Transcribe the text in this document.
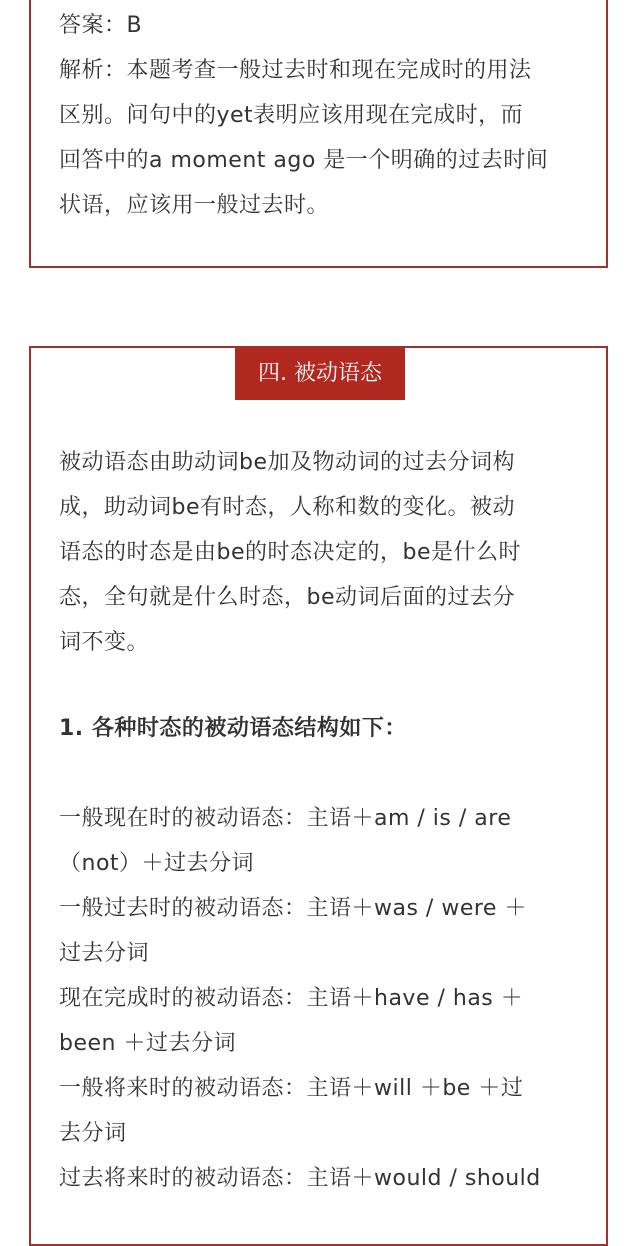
答案：B
解析：本题考查一般过去时和现在完成时的用法
区别。问句中的yet表明应该用现在完成时，而
回答中的a moment ago 是一个明确的过去时间
状语，应该用一般过去时。
四. 被动语态
被动语态由助动词be加及物动词的过去分词构
成，助动词be有时态，人称和数的变化。被动
语态的时态是由be的时态决定的，be是什么时
态，全句就是什么时态，be动词后面的过去分
词不变。
1. 各种时态的被动语态结构如下：
一般现在时的被动语态：主语＋am / is / are
（not）＋过去分词
一般过去时的被动语态：主语＋was / were ＋
过去分词
现在完成时的被动语态：主语＋have / has ＋
been ＋过去分词
一般将来时的被动语态：主语＋will ＋be ＋过
去分词
过去将来时的被动语态：主语＋would / should
